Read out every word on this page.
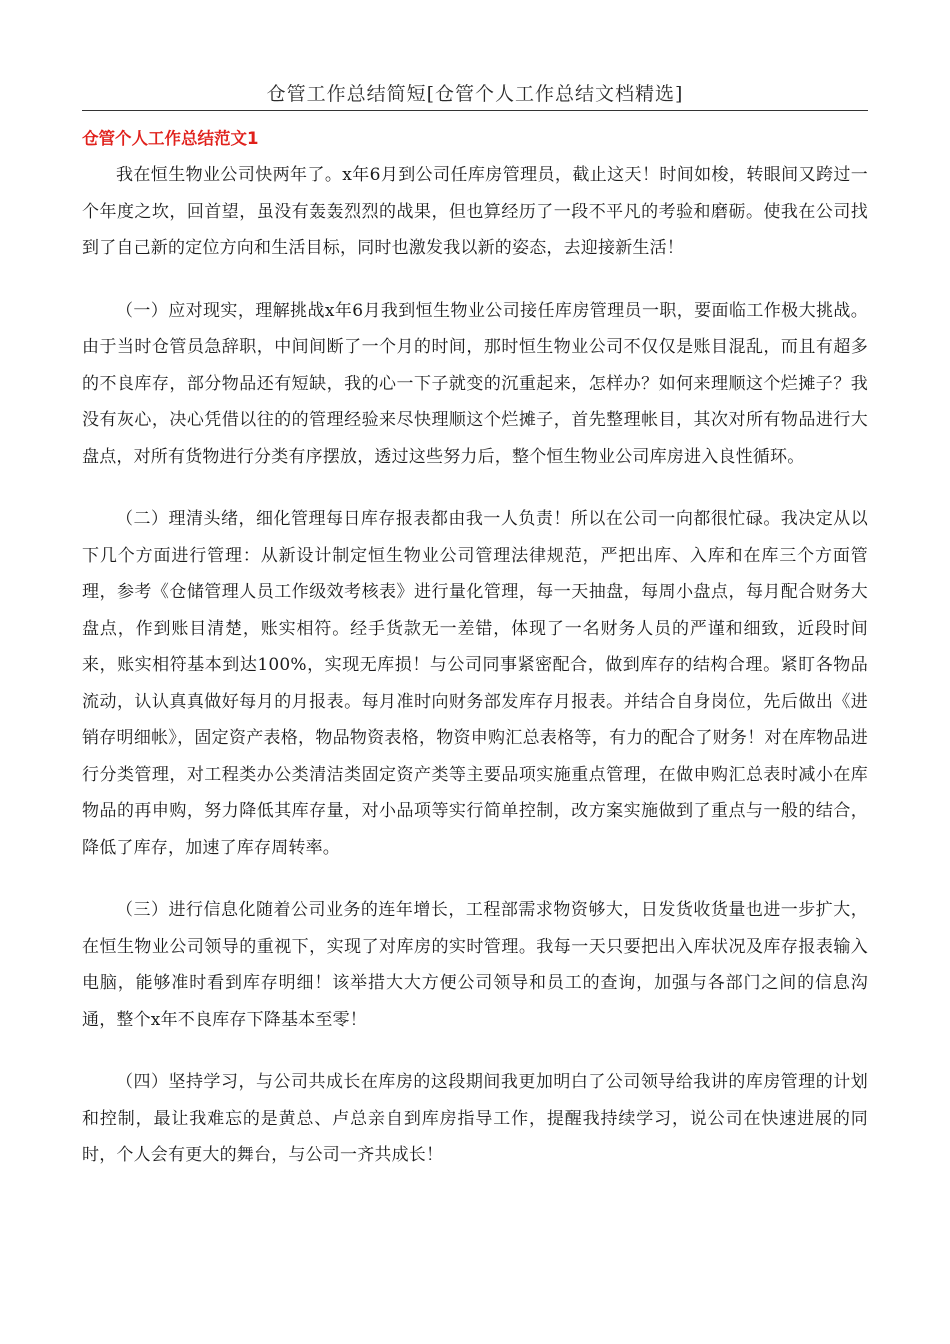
仓管工作总结简短[仓管个人工作总结文档精选]
仓管个人工作总结范文1

我在恒生物业公司快两年了。x年6月到公司任库房管理员，截止这天！时间如梭，转眼间又跨过一个年度之坎，回首望，虽没有轰轰烈烈的战果，但也算经历了一段不平凡的考验和磨砺。使我在公司找到了自己新的定位方向和生活目标，同时也激发我以新的姿态，去迎接新生活！

（一）应对现实，理解挑战x年6月我到恒生物业公司接任库房管理员一职，要面临工作极大挑战。由于当时仓管员急辞职，中间间断了一个月的时间，那时恒生物业公司不仅仅是账目混乱，而且有超多的不良库存，部分物品还有短缺，我的心一下子就变的沉重起来，怎样办？如何来理顺这个烂摊子？我没有灰心，决心凭借以往的的管理经验来尽快理顺这个烂摊子，首先整理帐目，其次对所有物品进行大盘点，对所有货物进行分类有序摆放，透过这些努力后，整个恒生物业公司库房进入良性循环。

（二）理清头绪，细化管理每日库存报表都由我一人负责！所以在公司一向都很忙碌。我决定从以下几个方面进行管理：从新设计制定恒生物业公司管理法律规范，严把出库、入库和在库三个方面管理，参考《仓储管理人员工作级效考核表》进行量化管理，每一天抽盘，每周小盘点，每月配合财务大盘点，作到账目清楚，账实相符。经手货款无一差错，体现了一名财务人员的严谨和细致，近段时间来，账实相符基本到达100%，实现无库损！与公司同事紧密配合，做到库存的结构合理。紧盯各物品流动，认认真真做好每月的月报表。每月准时向财务部发库存月报表。并结合自身岗位，先后做出《进销存明细帐》，固定资产表格，物品物资表格，物资申购汇总表格等，有力的配合了财务！对在库物品进行分类管理，对工程类办公类清洁类固定资产类等主要品项实施重点管理，在做申购汇总表时减小在库物品的再申购，努力降低其库存量，对小品项等实行简单控制，改方案实施做到了重点与一般的结合，降低了库存，加速了库存周转率。

（三）进行信息化随着公司业务的连年增长，工程部需求物资够大，日发货收货量也进一步扩大，在恒生物业公司领导的重视下，实现了对库房的实时管理。我每一天只要把出入库状况及库存报表输入电脑，能够准时看到库存明细！该举措大大方便公司领导和员工的查询，加强与各部门之间的信息沟通，整个x年不良库存下降基本至零！

（四）坚持学习，与公司共成长在库房的这段期间我更加明白了公司领导给我讲的库房管理的计划和控制，最让我难忘的是黄总、卢总亲自到库房指导工作，提醒我持续学习，说公司在快速进展的同时，个人会有更大的舞台，与公司一齐共成长！
